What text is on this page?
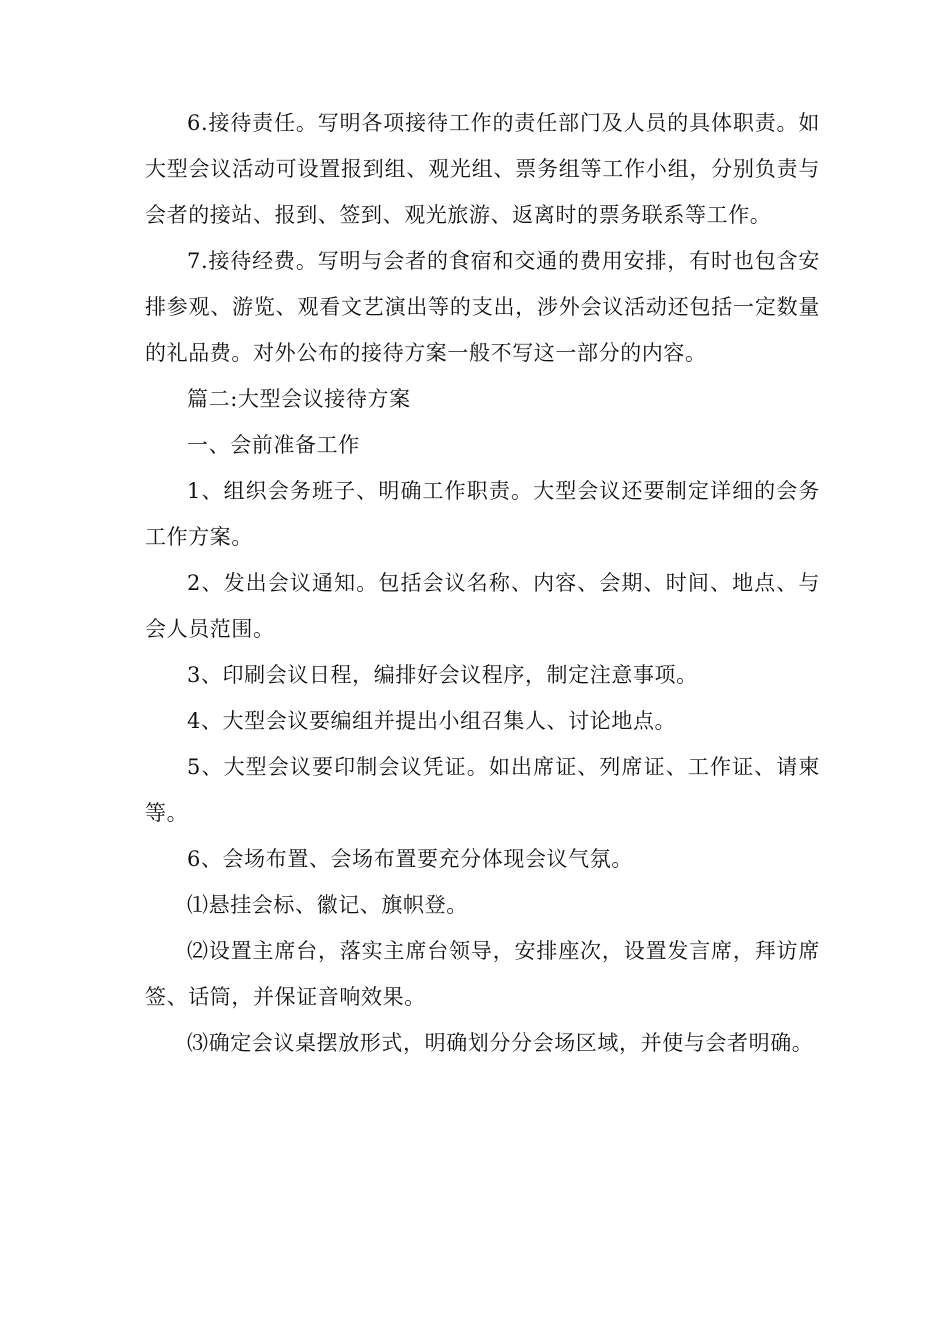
6.接待责任。写明各项接待工作的责任部门及人员的具体职责。如大型会议活动可设置报到组、观光组、票务组等工作小组，分别负责与会者的接站、报到、签到、观光旅游、返离时的票务联系等工作。

7.接待经费。写明与会者的食宿和交通的费用安排，有时也包含安排参观、游览、观看文艺演出等的支出，涉外会议活动还包括一定数量的礼品费。对外公布的接待方案一般不写这一部分的内容。

篇二:大型会议接待方案

一、会前准备工作

1、组织会务班子、明确工作职责。大型会议还要制定详细的会务工作方案。

2、发出会议通知。包括会议名称、内容、会期、时间、地点、与会人员范围。

3、印刷会议日程，编排好会议程序，制定注意事项。

4、大型会议要编组并提出小组召集人、讨论地点。

5、大型会议要印制会议凭证。如出席证、列席证、工作证、请柬等。

6、会场布置、会场布置要充分体现会议气氛。

⑴悬挂会标、徽记、旗帜登。

⑵设置主席台，落实主席台领导，安排座次，设置发言席，拜访席签、话筒，并保证音响效果。

⑶确定会议桌摆放形式，明确划分分会场区域，并使与会者明确。
